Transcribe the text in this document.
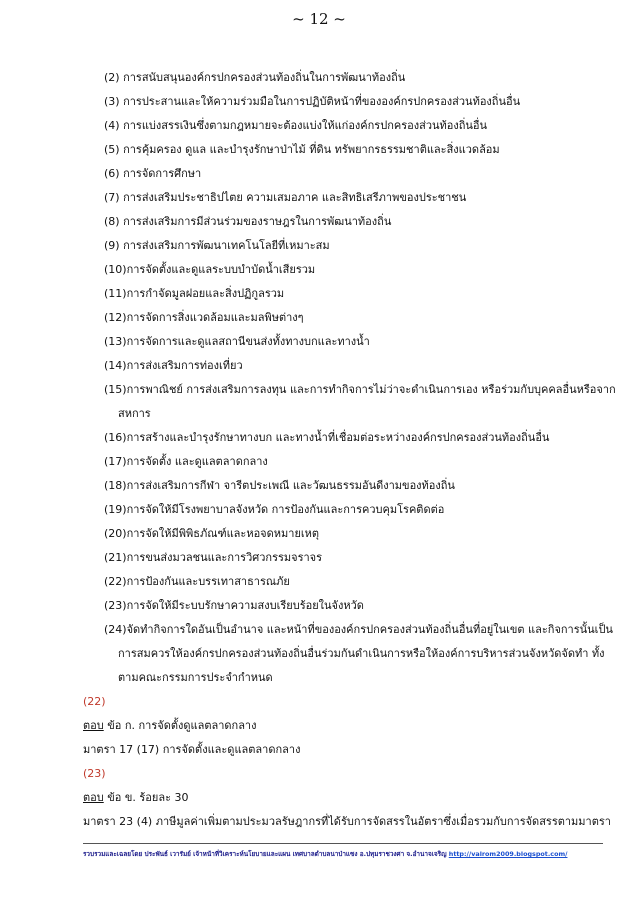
~ 12 ~
(2) การสนับสนุนองค์กรปกครองส่วนท้องถิ่นในการพัฒนาท้องถิ่น
(3) การประสานและให้ความร่วมมือในการปฏิบัติหน้าที่ขององค์กรปกครองส่วนท้องถิ่นอื่น
(4) การแบ่งสรรเงินซึ่งตามกฎหมายจะต้องแบ่งให้แก่องค์กรปกครองส่วนท้องถิ่นอื่น
(5) การคุ้มครอง ดูแล และบำรุงรักษาป่าไม้ ที่ดิน ทรัพยากรธรรมชาติและสิ่งแวดล้อม
(6) การจัดการศึกษา
(7) การส่งเสริมประชาธิปไตย ความเสมอภาค และสิทธิเสรีภาพของประชาชน
(8) การส่งเสริมการมีส่วนร่วมของราษฎรในการพัฒนาท้องถิ่น
(9) การส่งเสริมการพัฒนาเทคโนโลยีที่เหมาะสม
(10)การจัดตั้งและดูแลระบบบำบัดน้ำเสียรวม
(11)การกำจัดมูลฝอยและสิ่งปฏิกูลรวม
(12)การจัดการสิ่งแวดล้อมและมลพิษต่างๆ
(13)การจัดการและดูแลสถานีขนส่งทั้งทางบกและทางน้ำ
(14)การส่งเสริมการท่องเที่ยว
(15)การพาณิชย์ การส่งเสริมการลงทุน และการทำกิจการไม่ว่าจะดำเนินการเอง หรือร่วมกับบุคคลอื่นหรือจาก
สหการ
(16)การสร้างและบำรุงรักษาทางบก และทางน้ำที่เชื่อมต่อระหว่างองค์กรปกครองส่วนท้องถิ่นอื่น
(17)การจัดตั้ง และดูแลตลาดกลาง
(18)การส่งเสริมการกีฬา จารีตประเพณี และวัฒนธรรมอันดีงามของท้องถิ่น
(19)การจัดให้มีโรงพยาบาลจังหวัด การป้องกันและการควบคุมโรคติดต่อ
(20)การจัดให้มีพิพิธภัณฑ์และหอจดหมายเหตุ
(21)การขนส่งมวลชนและการวิศวกรรมจราจร
(22)การป้องกันและบรรเทาสาธารณภัย
(23)การจัดให้มีระบบรักษาความสงบเรียบร้อยในจังหวัด
(24)จัดทำกิจการใดอันเป็นอำนาจ และหน้าที่ขององค์กรปกครองส่วนท้องถิ่นอื่นที่อยู่ในเขต และกิจการนั้นเป็น
การสมควรให้องค์กรปกครองส่วนท้องถิ่นอื่นร่วมกันดำเนินการหรือให้องค์การบริหารส่วนจังหวัดจัดทำ ทั้ง
ตามคณะกรรมการประจำกำหนด
(22)
ตอบ ข้อ ก. การจัดตั้งดูแลตลาดกลาง
มาตรา 17 (17) การจัดตั้งและดูแลตลาดกลาง
(23)
ตอบ ข้อ ข. ร้อยละ 30
มาตรา 23 (4) ภาษีมูลค่าเพิ่มตามประมวลรัษฎากรที่ได้รับการจัดสรรในอัตราซึ่งเมื่อรวมกับการจัดสรรตามมาตรา
รวบรวมและเฉลยโดย ประพันธ์ เวารัมย์ เจ้าหน้าที่วิเคราะห์นโยบายและแผน เทศบาลตำบลนาป่าแซง อ.ปทุมราชวงศา จ.อำนาจเจริญ http://valrom2009.blogspot.com/
